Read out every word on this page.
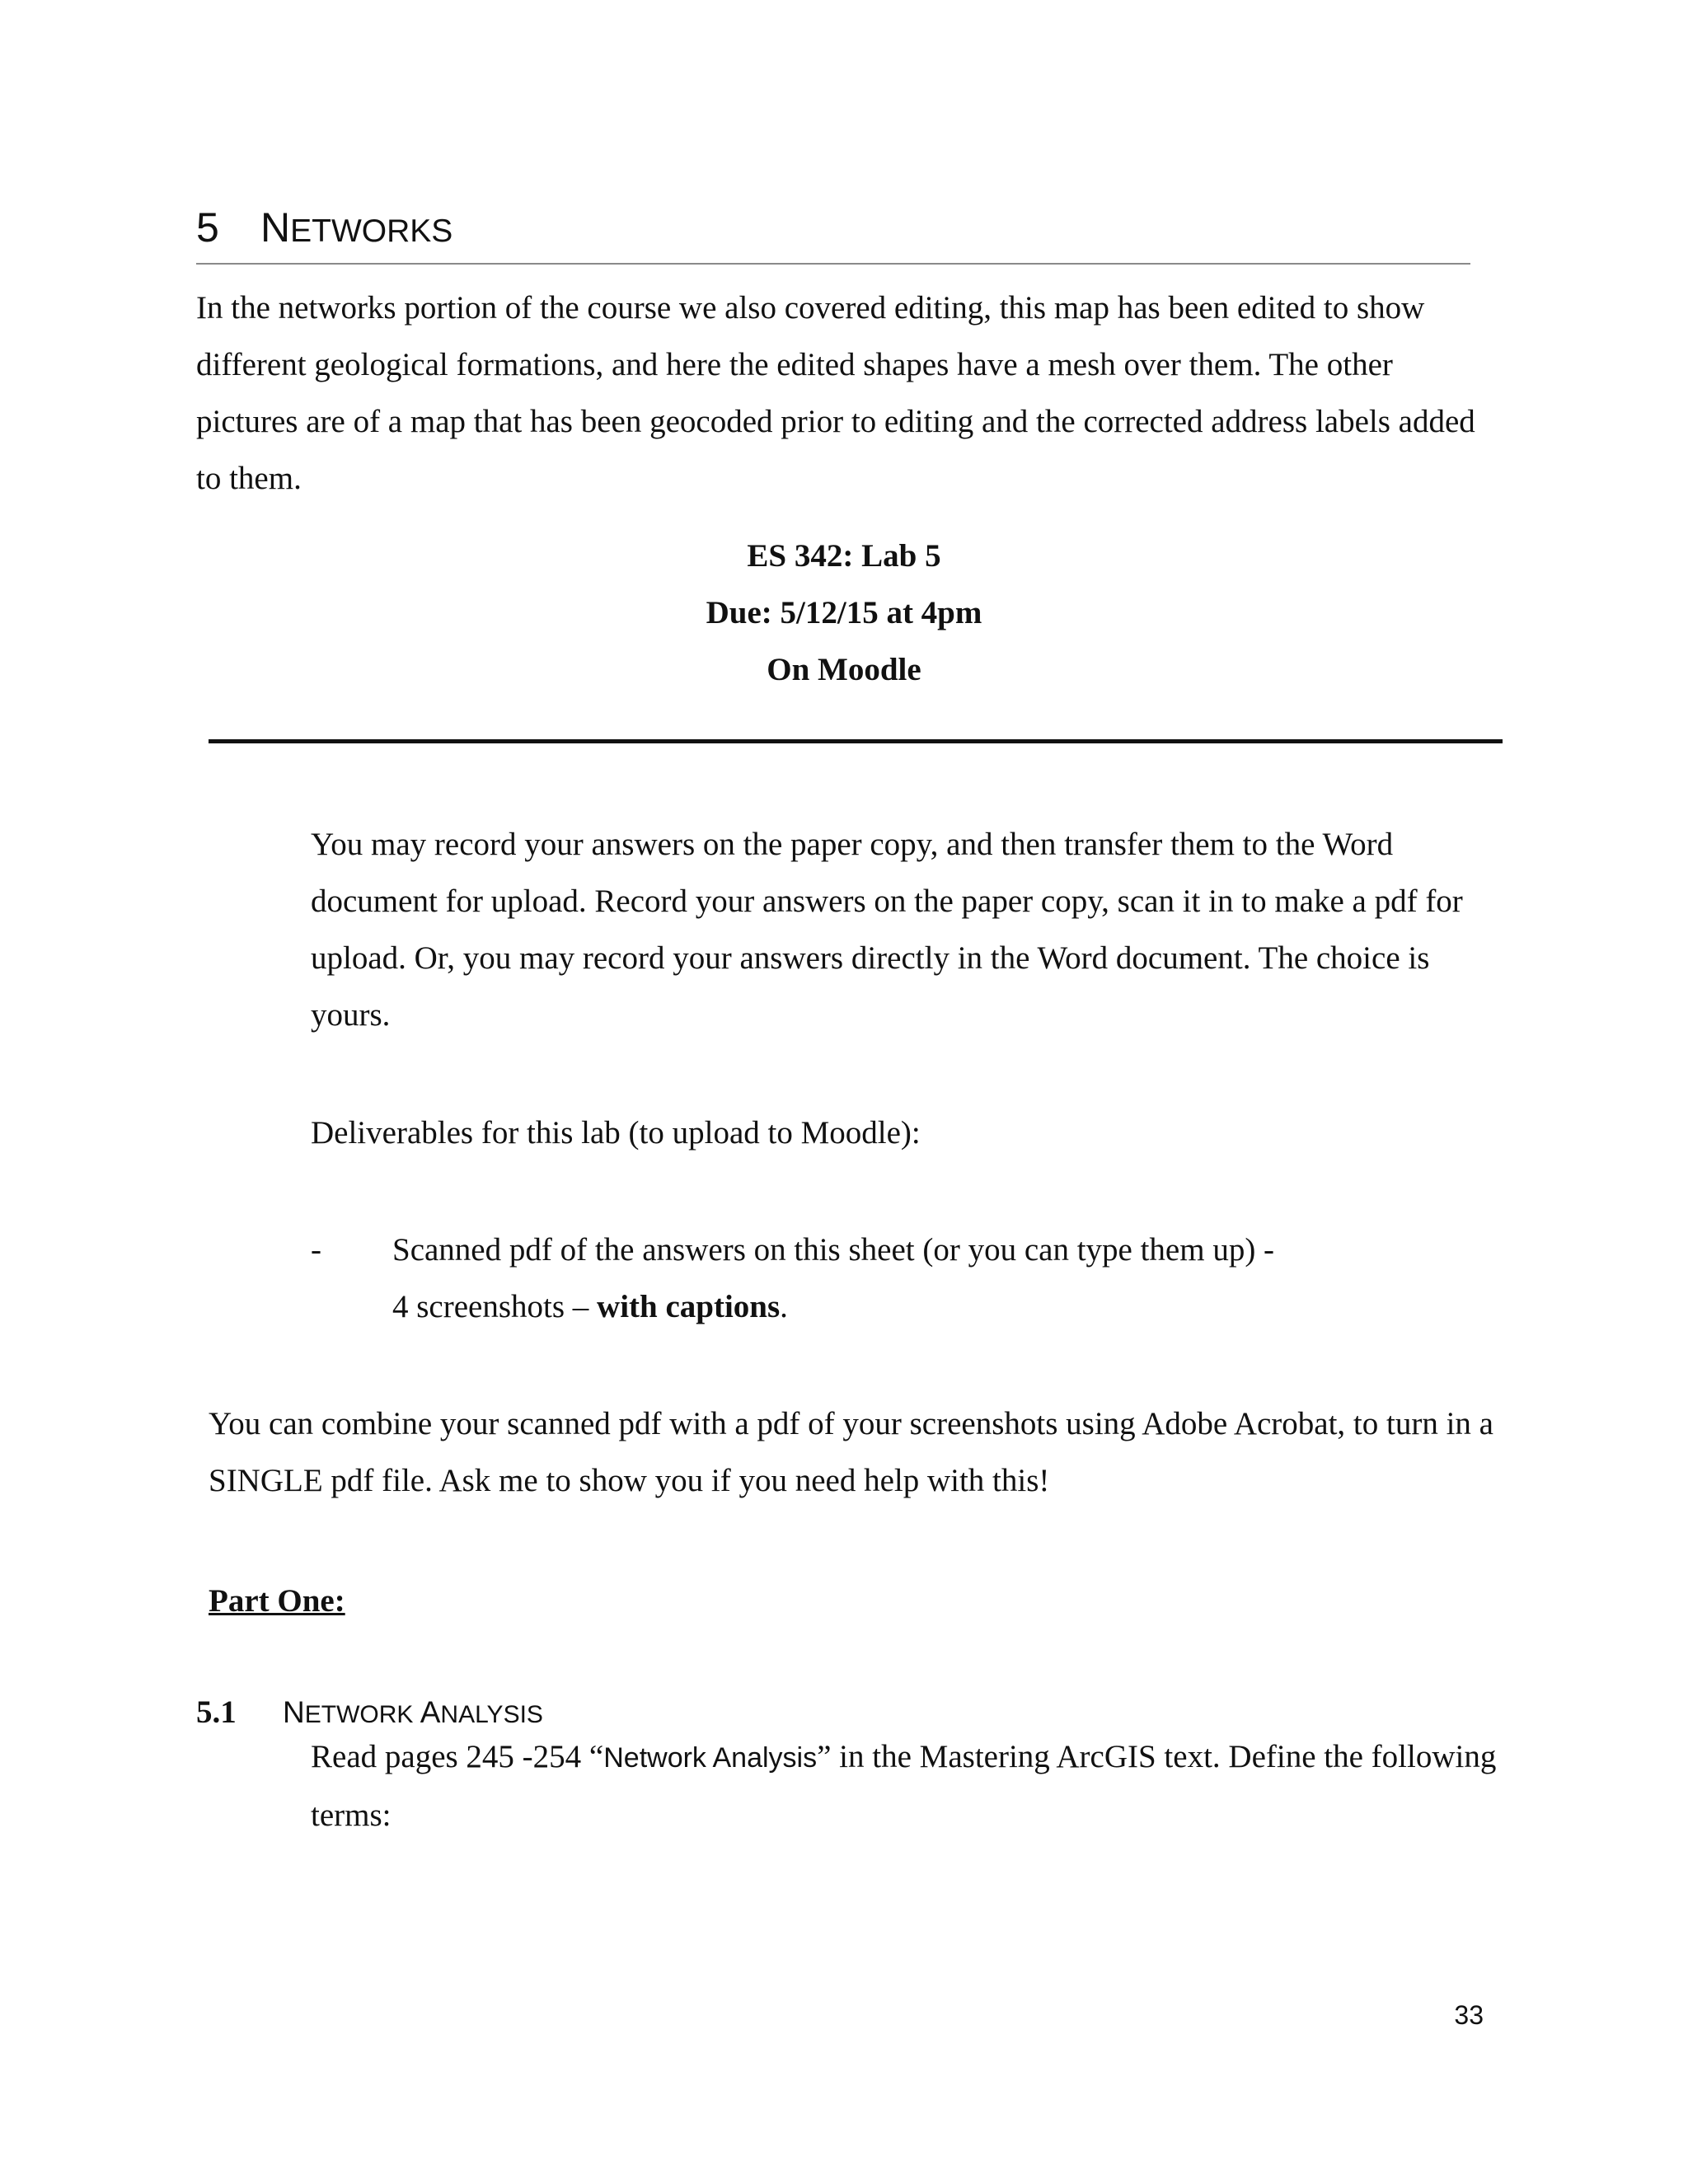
5 NETWORKS
In the networks portion of the course we also covered editing, this map has been edited to show different geological formations, and here the edited shapes have a mesh over them. The other pictures are of a map that has been geocoded prior to editing and the corrected address labels added to them.
ES 342: Lab 5
Due: 5/12/15 at 4pm
On Moodle
You may record your answers on the paper copy, and then transfer them to the Word document for upload. Record your answers on the paper copy, scan it in to make a pdf for upload. Or, you may record your answers directly in the Word document. The choice is yours.
Deliverables for this lab (to upload to Moodle):
- Scanned pdf of the answers on this sheet (or you can type them up) -
4 screenshots – with captions.
You can combine your scanned pdf with a pdf of your screenshots using Adobe Acrobat, to turn in a SINGLE pdf file. Ask me to show you if you need help with this!
Part One:
5.1 NETWORK ANALYSIS
Read pages 245 -254 “Network Analysis” in the Mastering ArcGIS text. Define the following terms:
33
